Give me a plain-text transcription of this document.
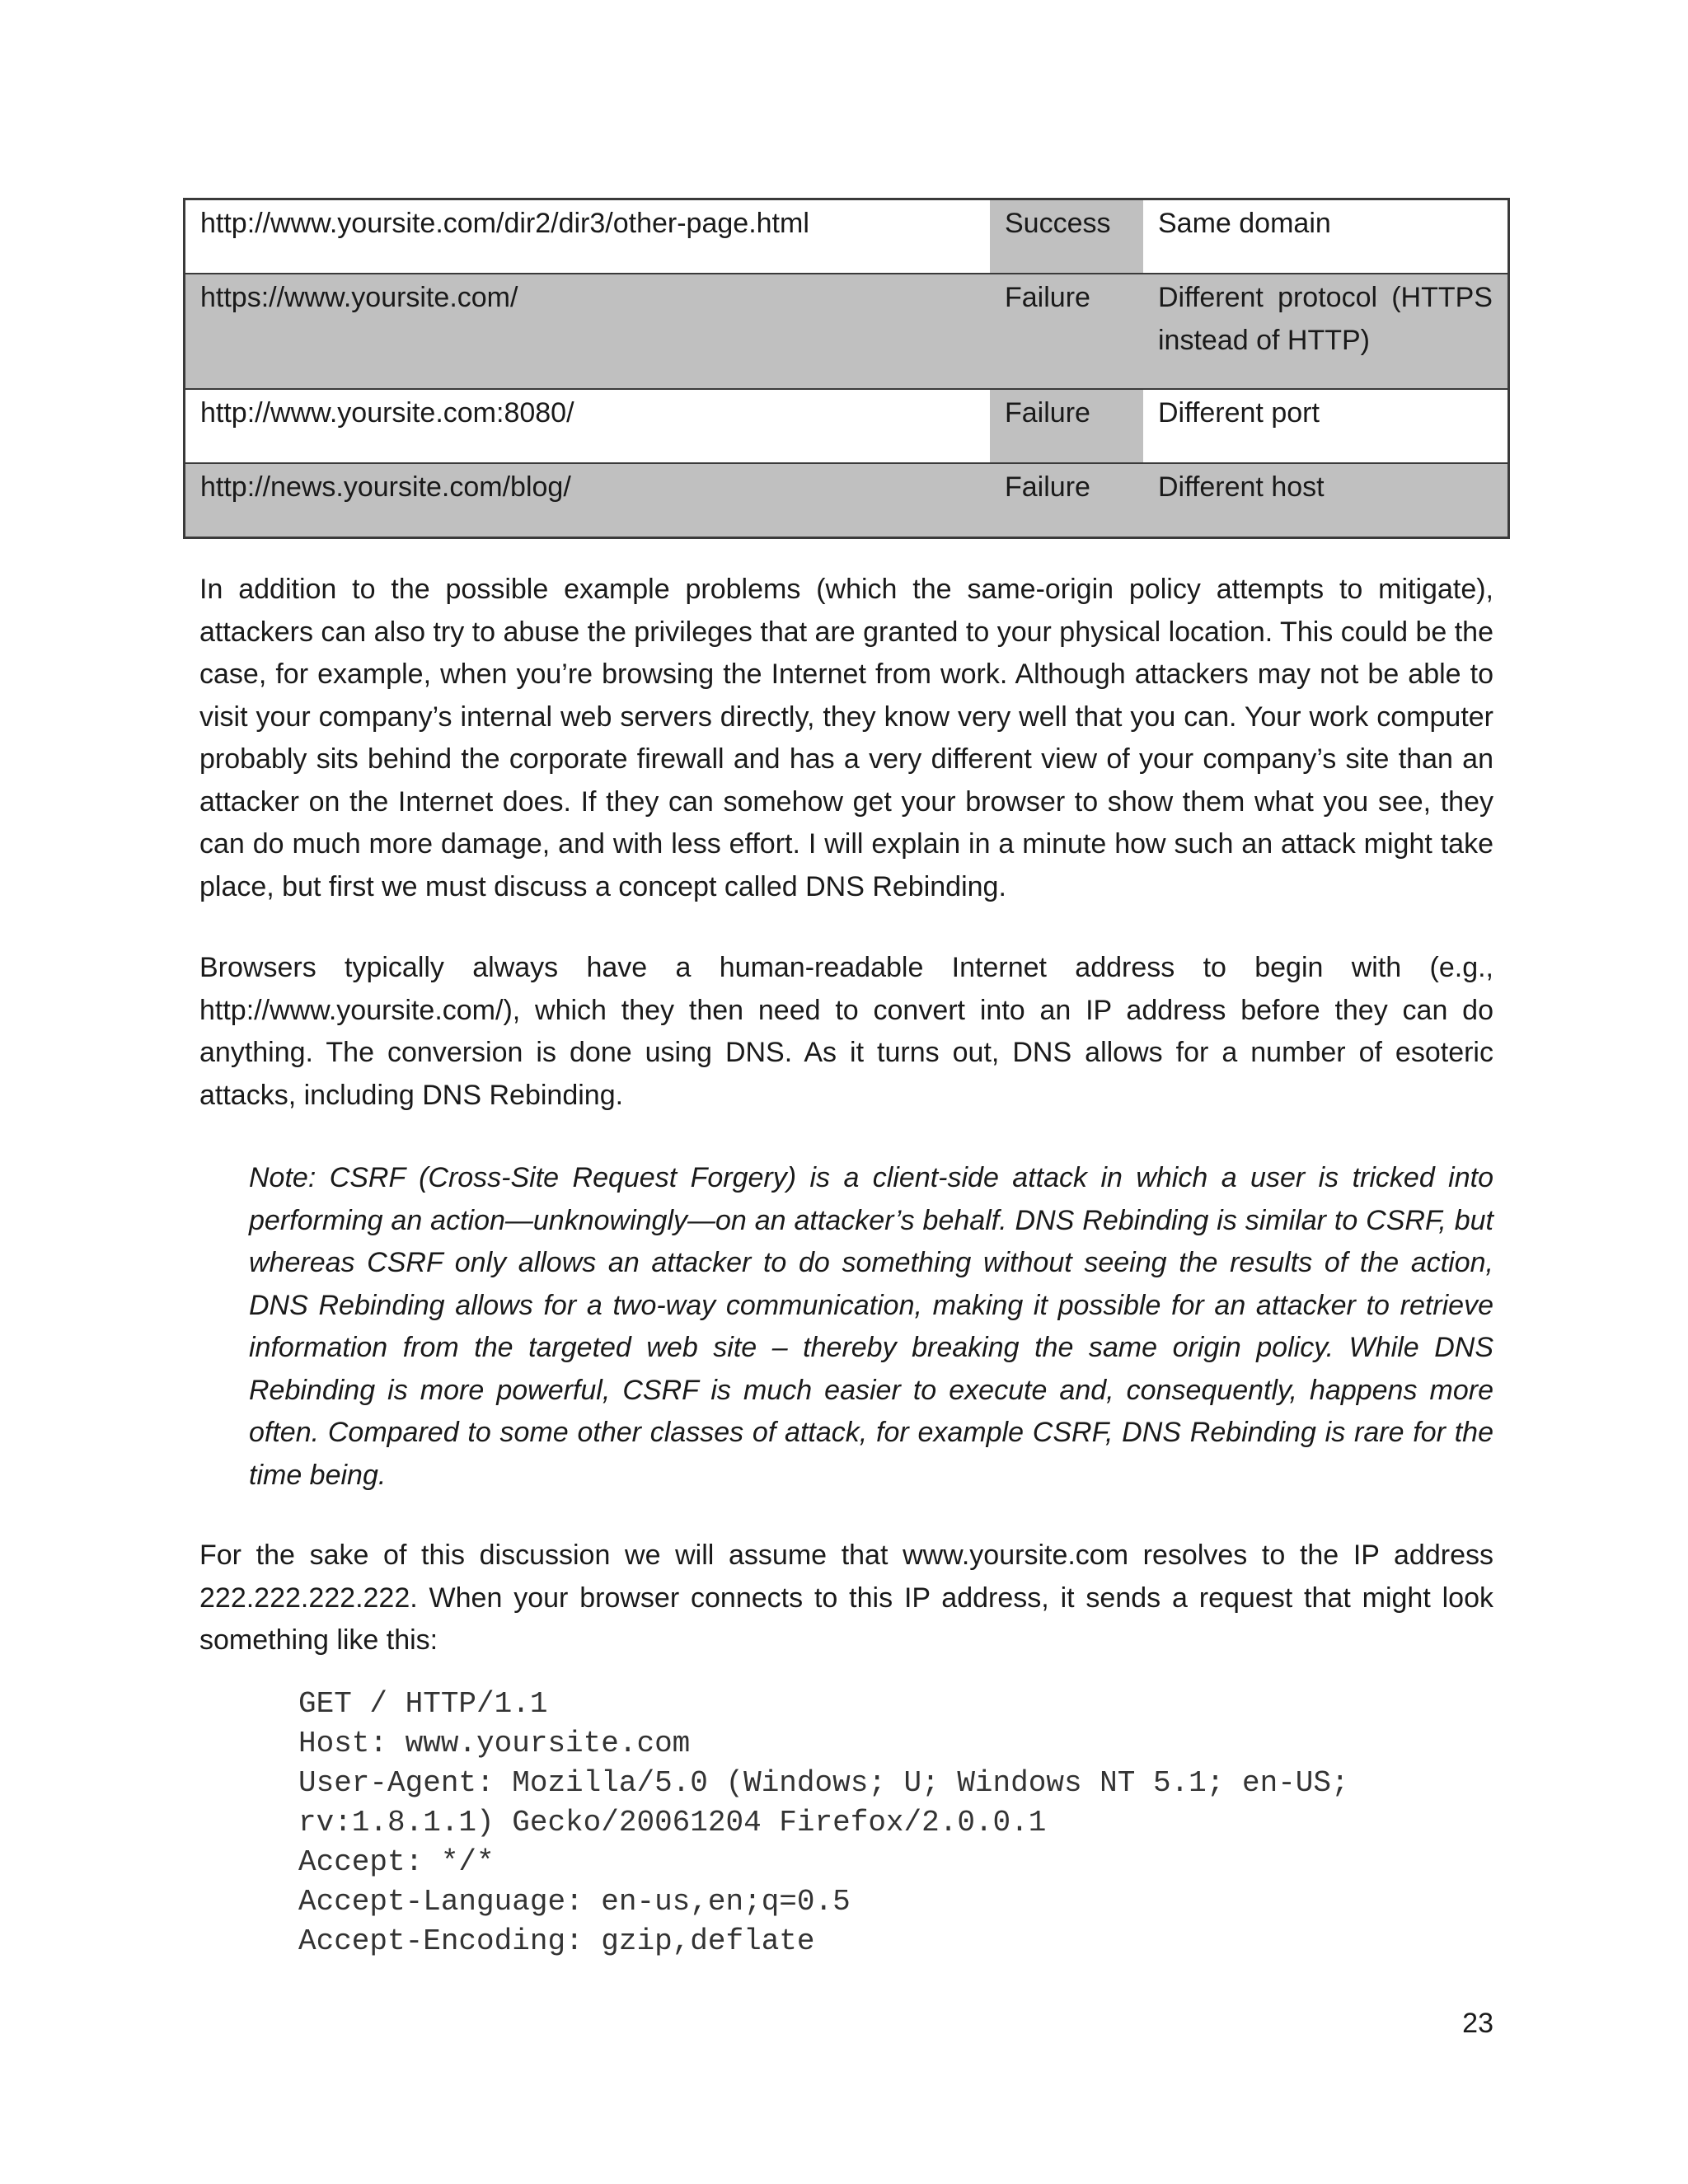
http://www.yoursite.com/dir2/dir3/other-page.html	Success	Same domain
https://www.yoursite.com/	Failure	Different protocol (HTTPS instead of HTTP)
http://www.yoursite.com:8080/	Failure	Different port
http://news.yoursite.com/blog/	Failure	Different host

In addition to the possible example problems (which the same-origin policy attempts to mitigate), attackers can also try to abuse the privileges that are granted to your physical location. This could be the case, for example, when you’re browsing the Internet from work. Although attackers may not be able to visit your company’s internal web servers directly, they know very well that you can. Your work computer probably sits behind the corporate firewall and has a very different view of your company’s site than an attacker on the Internet does. If they can somehow get your browser to show them what you see, they can do much more damage, and with less effort. I will explain in a minute how such an attack might take place, but first we must discuss a concept called DNS Rebinding.

Browsers typically always have a human-readable Internet address to begin with (e.g., http://www.yoursite.com/), which they then need to convert into an IP address before they can do anything. The conversion is done using DNS. As it turns out, DNS allows for a number of esoteric attacks, including DNS Rebinding.

Note: CSRF (Cross-Site Request Forgery) is a client-side attack in which a user is tricked into performing an action—unknowingly—on an attacker’s behalf. DNS Rebinding is similar to CSRF, but whereas CSRF only allows an attacker to do something without seeing the results of the action, DNS Rebinding allows for a two-way communication, making it possible for an attacker to retrieve information from the targeted web site – thereby breaking the same origin policy. While DNS Rebinding is more powerful, CSRF is much easier to execute and, consequently, happens more often. Compared to some other classes of attack, for example CSRF, DNS Rebinding is rare for the time being.

For the sake of this discussion we will assume that www.yoursite.com resolves to the IP address 222.222.222.222. When your browser connects to this IP address, it sends a request that might look something like this:

GET / HTTP/1.1
Host: www.yoursite.com
User-Agent: Mozilla/5.0 (Windows; U; Windows NT 5.1; en-US;
rv:1.8.1.1) Gecko/20061204 Firefox/2.0.0.1
Accept: */*
Accept-Language: en-us,en;q=0.5
Accept-Encoding: gzip,deflate
23
